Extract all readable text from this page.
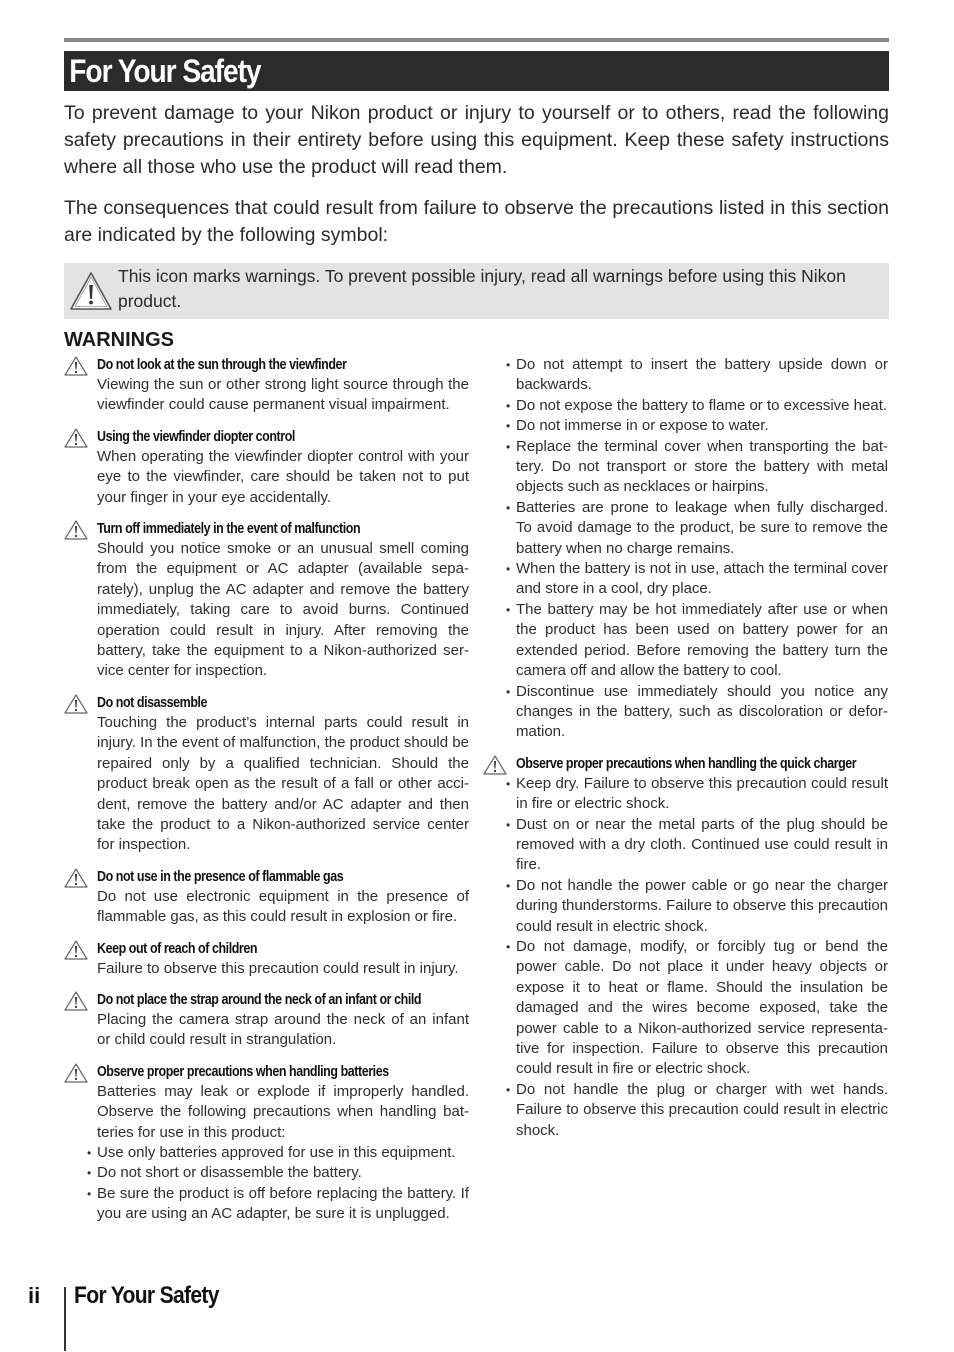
For Your Safety

To prevent damage to your Nikon product or injury to yourself or to others, read the following safety precautions in their entirety before using this equipment. Keep these safety instructions where all those who use the product will read them.

The consequences that could result from failure to observe the precautions listed in this section are indicated by the following symbol:

This icon marks warnings. To prevent possible injury, read all warnings before using this Nikon product.
WARNINGS
Do not look at the sun through the viewfinder

Viewing the sun or other strong light source through the viewfinder could cause permanent visual impairment.

Using the viewfinder diopter control

When operating the viewfinder diopter control with your eye to the viewfinder, care should be taken not to put your finger in your eye accidentally.

Turn off immediately in the event of malfunction

Should you notice smoke or an unusual smell coming from the equipment or AC adapter (available separately), unplug the AC adapter and remove the battery immediately, taking care to avoid burns. Continued operation could result in injury. After removing the battery, take the equipment to a Nikon-authorized service center for inspection.

Do not disassemble

Touching the product’s internal parts could result in injury. In the event of malfunction, the product should be repaired only by a qualified technician. Should the product break open as the result of a fall or other accident, remove the battery and/or AC adapter and then take the product to a Nikon-authorized service center for inspection.

Do not use in the presence of flammable gas

Do not use electronic equipment in the presence of flammable gas, as this could result in explosion or fire.

Keep out of reach of children

Failure to observe this precaution could result in injury.

Do not place the strap around the neck of an infant or child

Placing the camera strap around the neck of an infant or child could result in strangulation.

Observe proper precautions when handling batteries

Batteries may leak or explode if improperly handled. Observe the following precautions when handling batteries for use in this product:

• Use only batteries approved for use in this equipment.
• Do not short or disassemble the battery.
• Be sure the product is off before replacing the battery. If you are using an AC adapter, be sure it is unplugged.
• Do not attempt to insert the battery upside down or backwards.
• Do not expose the battery to flame or to excessive heat.
• Do not immerse in or expose to water.
• Replace the terminal cover when transporting the battery. Do not transport or store the battery with metal objects such as necklaces or hairpins.
• Batteries are prone to leakage when fully discharged. To avoid damage to the product, be sure to remove the battery when no charge remains.
• When the battery is not in use, attach the terminal cover and store in a cool, dry place.
• The battery may be hot immediately after use or when the product has been used on battery power for an extended period. Before removing the battery turn the camera off and allow the battery to cool.
• Discontinue use immediately should you notice any changes in the battery, such as discoloration or deformation.
Observe proper precautions when handling the quick charger
• Keep dry. Failure to observe this precaution could result in fire or electric shock.
• Dust on or near the metal parts of the plug should be removed with a dry cloth. Continued use could result in fire.
• Do not handle the power cable or go near the charger during thunderstorms. Failure to observe this precaution could result in electric shock.
• Do not damage, modify, or forcibly tug or bend the power cable. Do not place it under heavy objects or expose it to heat or flame. Should the insulation be damaged and the wires become exposed, take the power cable to a Nikon-authorized service representative for inspection. Failure to observe this precaution could result in fire or electric shock.
• Do not handle the plug or charger with wet hands. Failure to observe this precaution could result in electric shock.
ii For Your Safety
